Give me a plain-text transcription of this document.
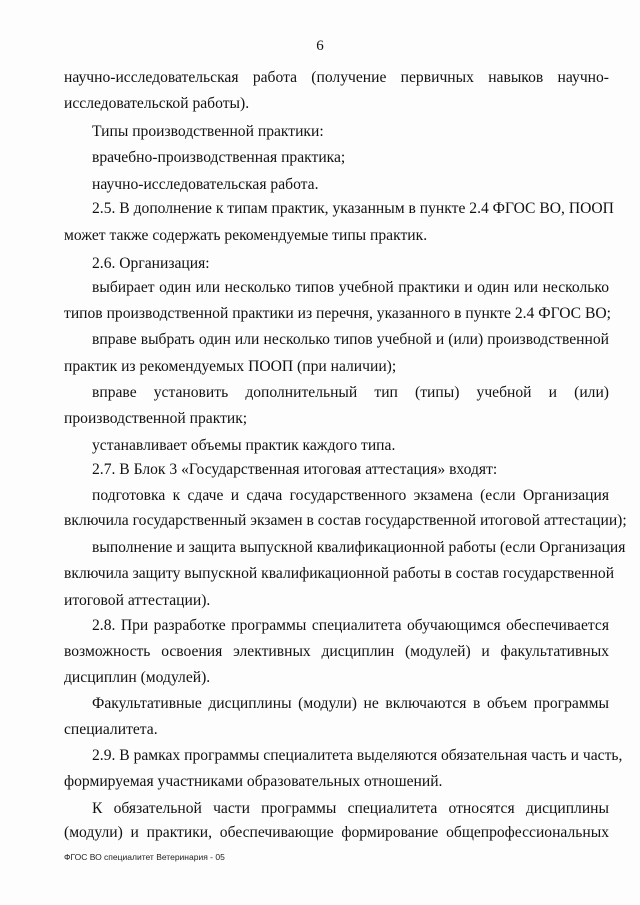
6
научно-исследовательская работа (получение первичных навыков научно-
исследовательской работы).
Типы производственной практики:
врачебно-производственная практика;
научно-исследовательская работа.
2.5. В дополнение к типам практик, указанным в пункте 2.4 ФГОС ВО, ПООП
может также содержать рекомендуемые типы практик.
2.6. Организация:
выбирает один или несколько типов учебной практики и один или несколько
типов производственной практики из перечня, указанного в пункте 2.4 ФГОС ВО;
вправе выбрать один или несколько типов учебной и (или) производственной
практик из рекомендуемых ПООП (при наличии);
вправе установить дополнительный тип (типы) учебной и (или)
производственной практик;
устанавливает объемы практик каждого типа.
2.7. В Блок 3 «Государственная итоговая аттестация» входят:
подготовка к сдаче и сдача государственного экзамена (если Организация
включила государственный экзамен в состав государственной итоговой аттестации);
выполнение и защита выпускной квалификационной работы (если Организация
включила защиту выпускной квалификационной работы в состав государственной
итоговой аттестации).
2.8. При разработке программы специалитета обучающимся обеспечивается
возможность освоения элективных дисциплин (модулей) и факультативных
дисциплин (модулей).
Факультативные дисциплины (модули) не включаются в объем программы
специалитета.
2.9. В рамках программы специалитета выделяются обязательная часть и часть,
формируемая участниками образовательных отношений.
К обязательной части программы специалитета относятся дисциплины
(модули) и практики, обеспечивающие формирование общепрофессиональных
ФГОС ВО специалитет Ветеринария - 05
